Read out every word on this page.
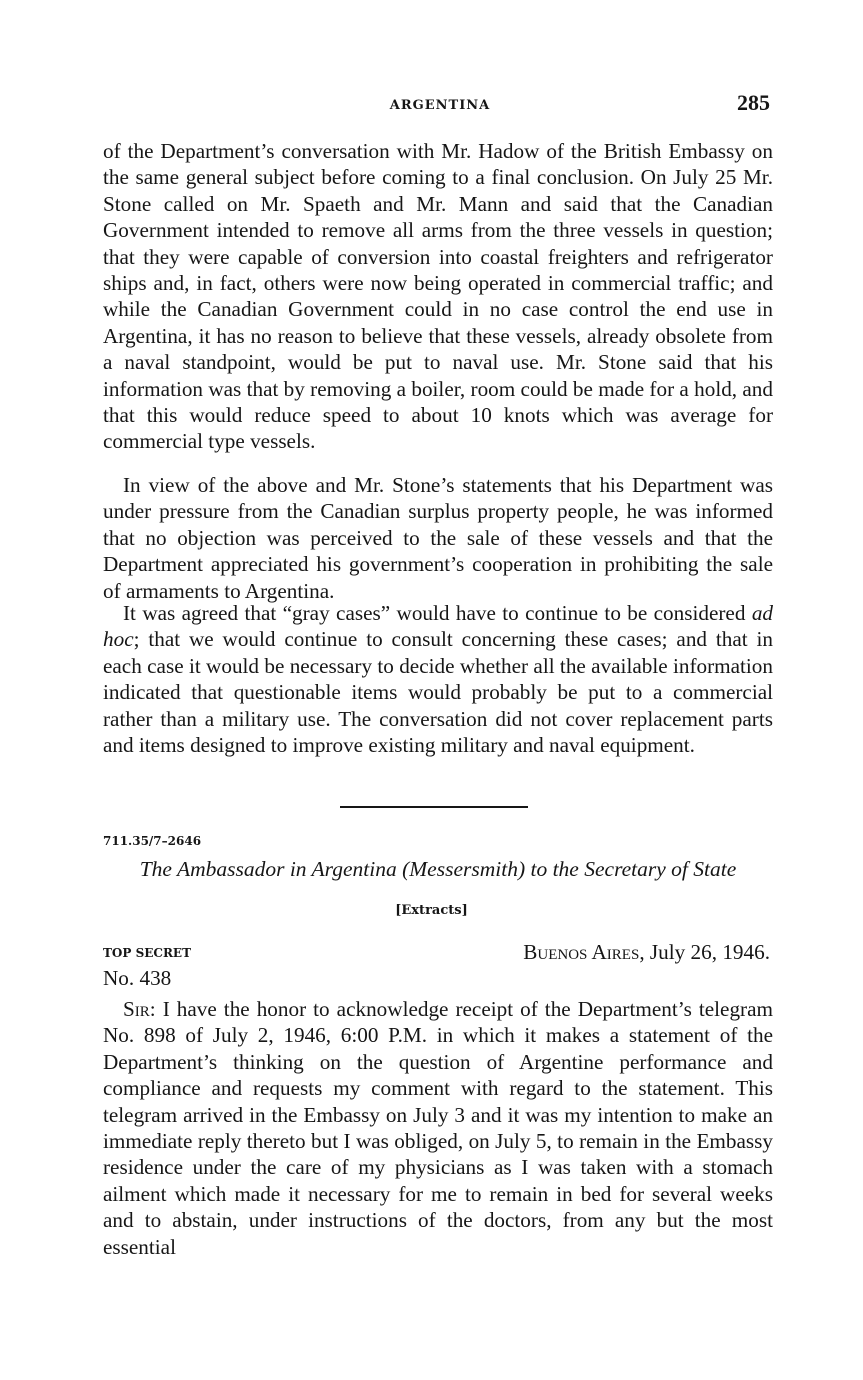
ARGENTINA	285

of the Department’s conversation with Mr. Hadow of the British Embassy on the same general subject before coming to a final conclusion. On July 25 Mr. Stone called on Mr. Spaeth and Mr. Mann and said that the Canadian Government intended to remove all arms from the three vessels in question; that they were capable of conversion into coastal freighters and refrigerator ships and, in fact, others were now being operated in commercial traffic; and while the Canadian Government could in no case control the end use in Argentina, it has no reason to believe that these vessels, already obsolete from a naval standpoint, would be put to naval use. Mr. Stone said that his information was that by removing a boiler, room could be made for a hold, and that this would reduce speed to about 10 knots which was average for commercial type vessels.

In view of the above and Mr. Stone’s statements that his Department was under pressure from the Canadian surplus property people, he was informed that no objection was perceived to the sale of these vessels and that the Department appreciated his government’s cooperation in prohibiting the sale of armaments to Argentina.

It was agreed that “gray cases” would have to continue to be considered ad hoc; that we would continue to consult concerning these cases; and that in each case it would be necessary to decide whether all the available information indicated that questionable items would probably be put to a commercial rather than a military use. The conversation did not cover replacement parts and items designed to improve existing military and naval equipment.

711.35/7–2646
The Ambassador in Argentina (Messersmith) to the Secretary of State
[Extracts]
TOP SECRET	Buenos Aires, July 26, 1946.
No. 438

Sir: I have the honor to acknowledge receipt of the Department’s telegram No. 898 of July 2, 1946, 6:00 P.M. in which it makes a statement of the Department’s thinking on the question of Argentine performance and compliance and requests my comment with regard to the statement. This telegram arrived in the Embassy on July 3 and it was my intention to make an immediate reply thereto but I was obliged, on July 5, to remain in the Embassy residence under the care of my physicians as I was taken with a stomach ailment which made it necessary for me to remain in bed for several weeks and to abstain, under instructions of the doctors, from any but the most essential
